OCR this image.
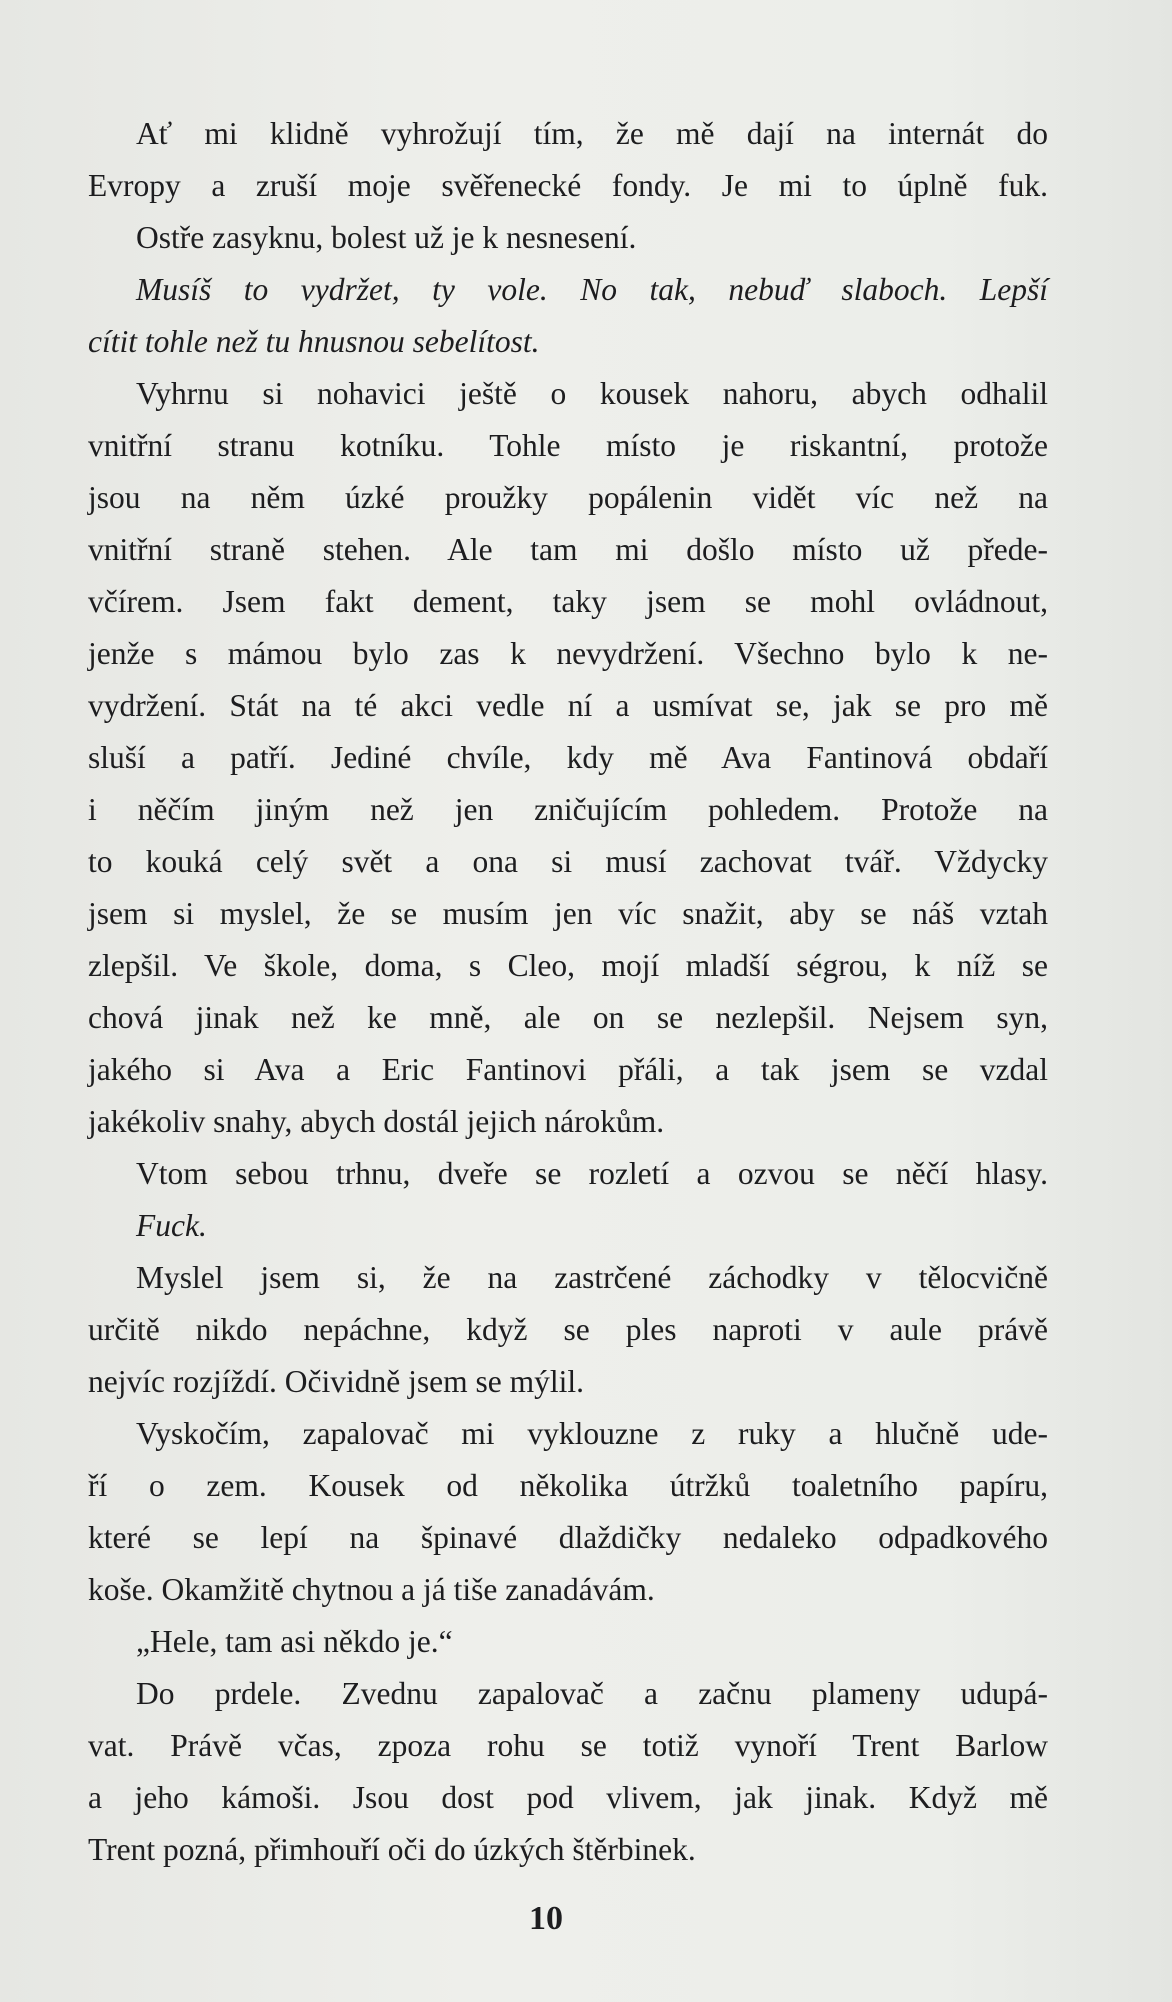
Ať mi klidně vyhrožují tím, že mě dají na internát do
Evropy a zruší moje svěřenecké fondy. Je mi to úplně fuk.
Ostře zasyknu, bolest už je k nesnesení.
Musíš to vydržet, ty vole. No tak, nebuď slaboch. Lepší
cítit tohle než tu hnusnou sebelítost.
Vyhrnu si nohavici ještě o kousek nahoru, abych odhalil
vnitřní stranu kotníku. Tohle místo je riskantní, protože
jsou na něm úzké proužky popálenin vidět víc než na
vnitřní straně stehen. Ale tam mi došlo místo už přede-
včírem. Jsem fakt dement, taky jsem se mohl ovládnout,
jenže s mámou bylo zas k nevydržení. Všechno bylo k ne-
vydržení. Stát na té akci vedle ní a usmívat se, jak se pro mě
sluší a patří. Jediné chvíle, kdy mě Ava Fantinová obdaří
i něčím jiným než jen zničujícím pohledem. Protože na
to kouká celý svět a ona si musí zachovat tvář. Vždycky
jsem si myslel, že se musím jen víc snažit, aby se náš vztah
zlepšil. Ve škole, doma, s Cleo, mojí mladší ségrou, k níž se
chová jinak než ke mně, ale on se nezlepšil. Nejsem syn,
jakého si Ava a Eric Fantinovi přáli, a tak jsem se vzdal
jakékoliv snahy, abych dostál jejich nárokům.
Vtom sebou trhnu, dveře se rozletí a ozvou se něčí hlasy.
Fuck.
Myslel jsem si, že na zastrčené záchodky v tělocvičně
určitě nikdo nepáchne, když se ples naproti v aule právě
nejvíc rozjíždí. Očividně jsem se mýlil.
Vyskočím, zapalovač mi vyklouzne z ruky a hlučně ude-
ří o zem. Kousek od několika útržků toaletního papíru,
které se lepí na špinavé dlaždičky nedaleko odpadkového
koše. Okamžitě chytnou a já tiše zanadávám.
„Hele, tam asi někdo je.“
Do prdele. Zvednu zapalovač a začnu plameny udupá-
vat. Právě včas, zpoza rohu se totiž vynoří Trent Barlow
a jeho kámoši. Jsou dost pod vlivem, jak jinak. Když mě
Trent pozná, přimhouří oči do úzkých štěrbinek.
10
